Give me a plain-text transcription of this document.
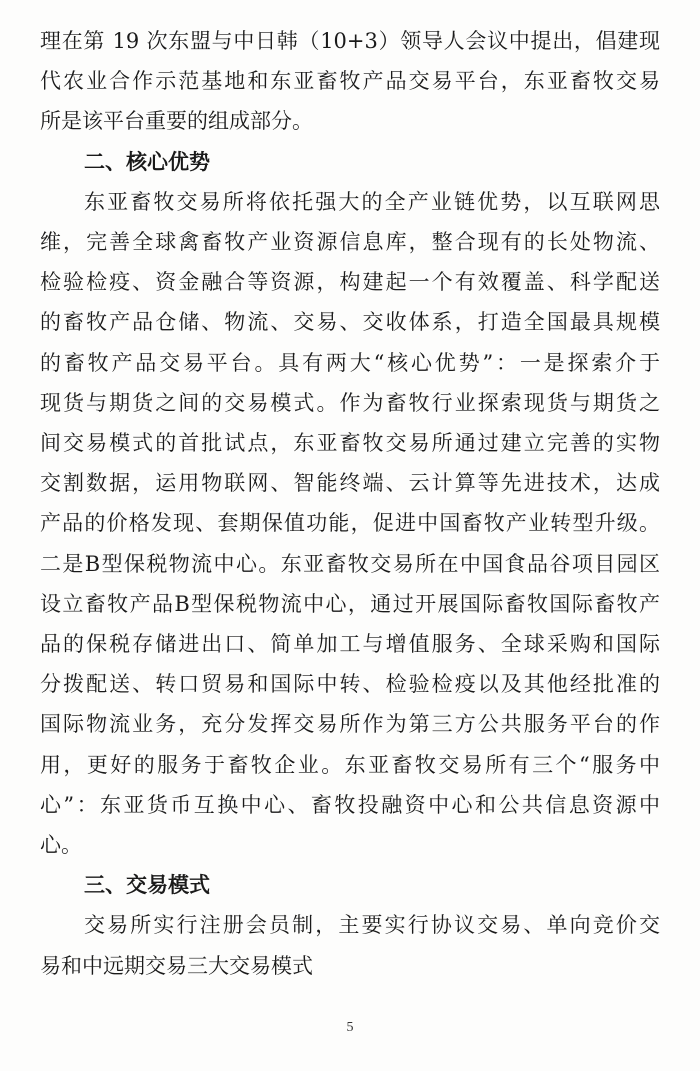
理在第 19 次东盟与中日韩（10+3）领导人会议中提出，倡建现
代农业合作示范基地和东亚畜牧产品交易平台，东亚畜牧交易
所是该平台重要的组成部分。
二、核心优势
东亚畜牧交易所将依托强大的全产业链优势，以互联网思
维，完善全球禽畜牧产业资源信息库，整合现有的长处物流、
检验检疫、资金融合等资源，构建起一个有效覆盖、科学配送
的畜牧产品仓储、物流、交易、交收体系，打造全国最具规模
的畜牧产品交易平台。具有两大“核心优势”：一是探索介于
现货与期货之间的交易模式。作为畜牧行业探索现货与期货之
间交易模式的首批试点，东亚畜牧交易所通过建立完善的实物
交割数据，运用物联网、智能终端、云计算等先进技术，达成
产品的价格发现、套期保值功能，促进中国畜牧产业转型升级。
二是B型保税物流中心。东亚畜牧交易所在中国食品谷项目园区
设立畜牧产品B型保税物流中心，通过开展国际畜牧国际畜牧产
品的保税存储进出口、简单加工与增值服务、全球采购和国际
分拨配送、转口贸易和国际中转、检验检疫以及其他经批准的
国际物流业务，充分发挥交易所作为第三方公共服务平台的作
用，更好的服务于畜牧企业。东亚畜牧交易所有三个“服务中
心”：东亚货币互换中心、畜牧投融资中心和公共信息资源中
心。
三、交易模式
交易所实行注册会员制，主要实行协议交易、单向竞价交
易和中远期交易三大交易模式
5
